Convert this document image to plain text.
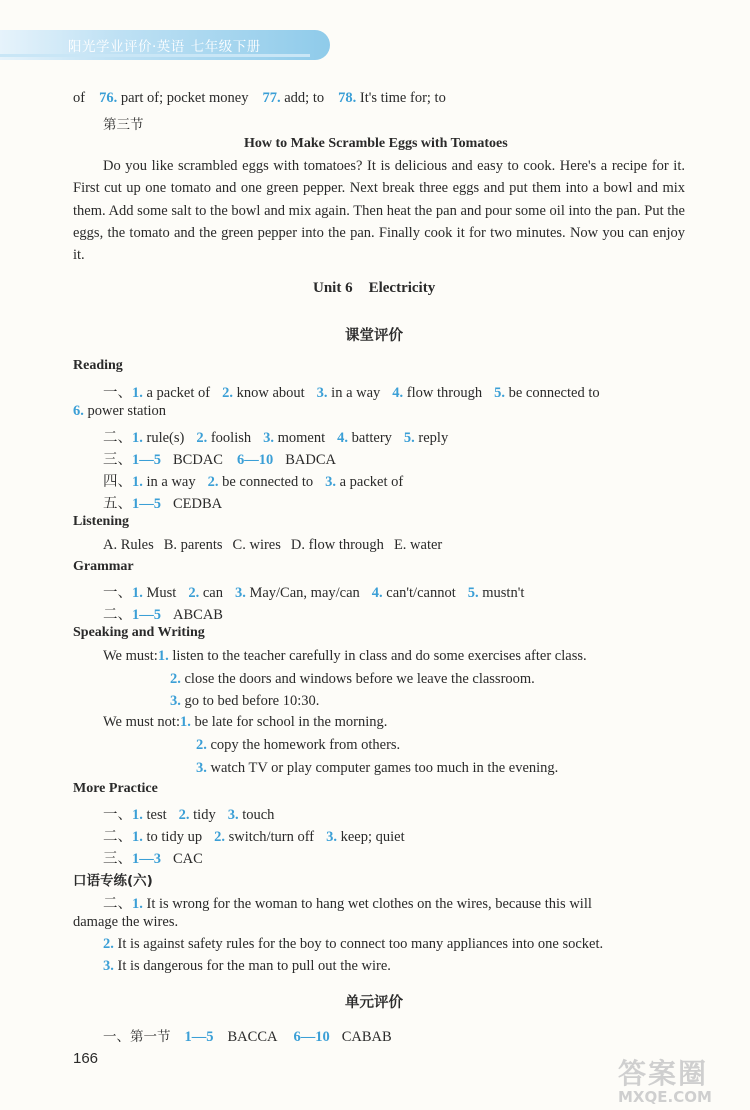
阳光学业评价·英语 七年级下册
of 76. part of; pocket money 77. add; to 78. It's time for; to
第三节
How to Make Scramble Eggs with Tomatoes
Do you like scrambled eggs with tomatoes? It is delicious and easy to cook. Here's a recipe for it. First cut up one tomato and one green pepper. Next break three eggs and put them into a bowl and mix them. Add some salt to the bowl and mix again. Then heat the pan and pour some oil into the pan. Put the eggs, the tomato and the green pepper into the pan. Finally cook it for two minutes. Now you can enjoy it.
Unit 6 Electricity
课堂评价
Reading
一、1. a packet of 2. know about 3. in a way 4. flow through 5. be connected to
6. power station
二、1. rule(s) 2. foolish 3. moment 4. battery 5. reply
三、1—5 BCDAC 6—10 BADCA
四、1. in a way 2. be connected to 3. a packet of
五、1—5 CEDBA
Listening
A. Rules B. parents C. wires D. flow through E. water
Grammar
一、1. Must 2. can 3. May/Can, may/can 4. can't/cannot 5. mustn't
二、1—5 ABCAB
Speaking and Writing
We must:1. listen to the teacher carefully in class and do some exercises after class.
2. close the doors and windows before we leave the classroom.
3. go to bed before 10:30.
We must not:1. be late for school in the morning.
2. copy the homework from others.
3. watch TV or play computer games too much in the evening.
More Practice
一、1. test 2. tidy 3. touch
二、1. to tidy up 2. switch/turn off 3. keep; quiet
三、1—3 CAC
口语专练(六)
二、1. It is wrong for the woman to hang wet clothes on the wires, because this will
damage the wires.
2. It is against safety rules for the boy to connect too many appliances into one socket.
3. It is dangerous for the man to pull out the wire.
单元评价
一、第一节 1—5 BACCA 6—10 CABAB
166	答案圈
MXQE.COM
